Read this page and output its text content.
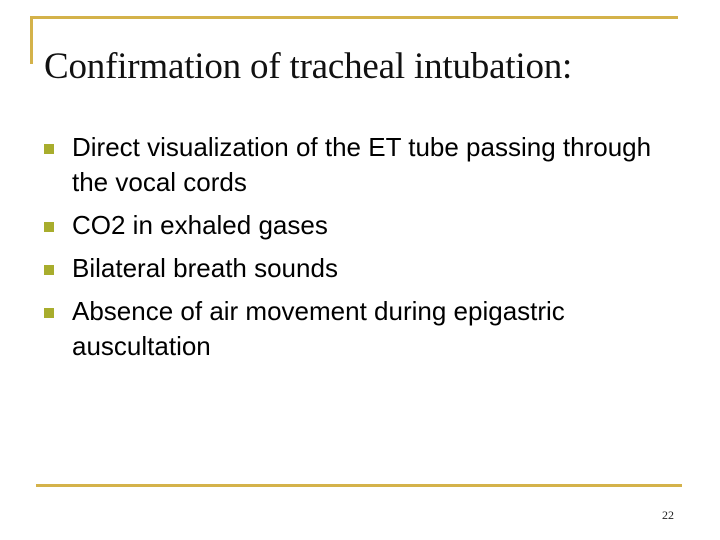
Confirmation of tracheal intubation:
Direct visualization of the ET tube passing through the vocal cords
CO2 in exhaled gases
Bilateral breath sounds
Absence of air movement during epigastric auscultation
22
